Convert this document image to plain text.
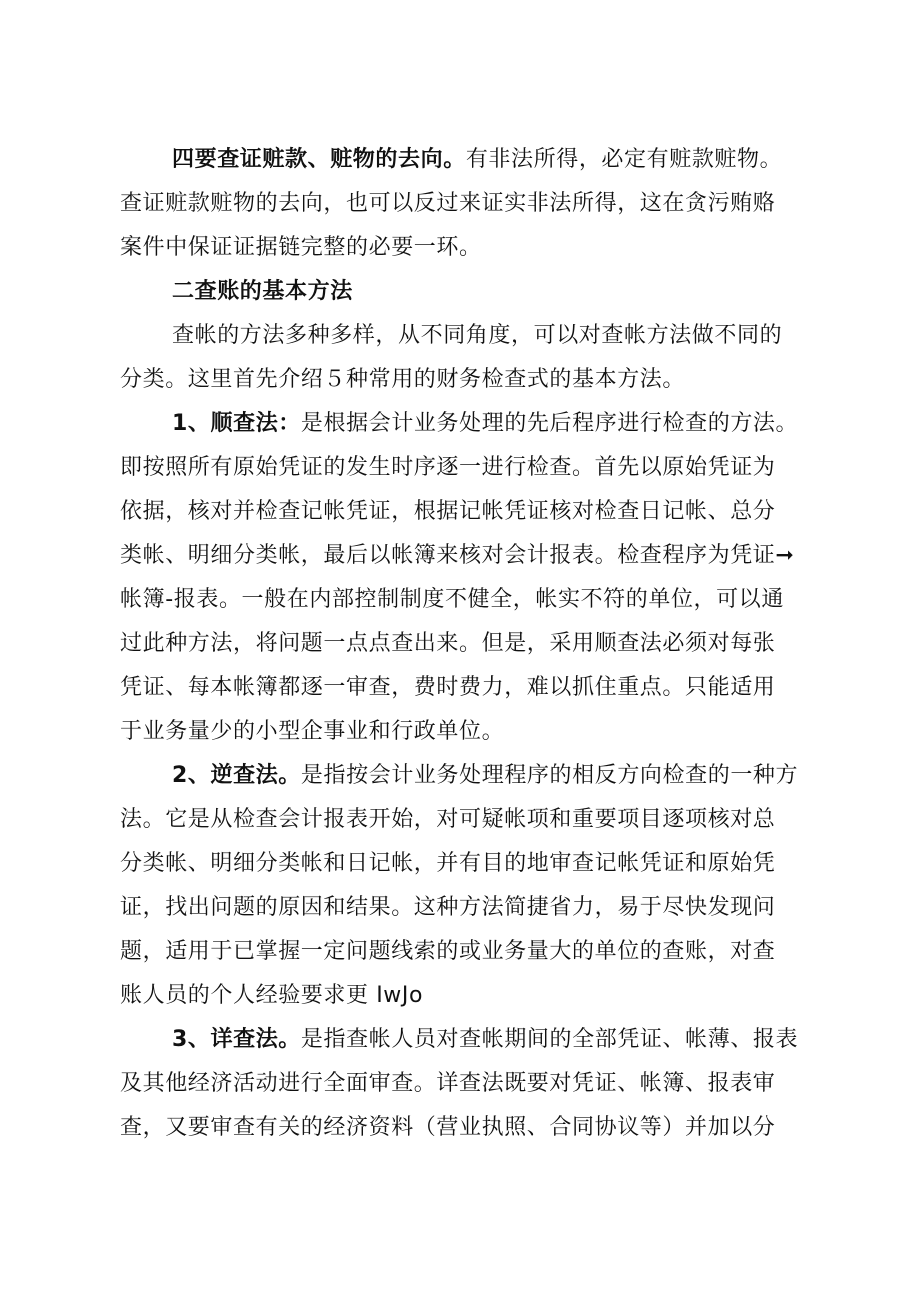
四要查证赃款、赃物的去向。有非法所得，必定有赃款赃物。
查证赃款赃物的去向，也可以反过来证实非法所得，这在贪污贿赂
案件中保证证据链完整的必要一环。
二查账的基本方法
查帐的方法多种多样，从不同角度，可以对查帐方法做不同的
分类。这里首先介绍５种常用的财务检查式的基本方法。
1、顺查法：是根据会计业务处理的先后程序进行检查的方法。
即按照所有原始凭证的发生时序逐一进行检查。首先以原始凭证为
依据，核对并检查记帐凭证，根据记帐凭证核对检查日记帐、总分
类帐、明细分类帐，最后以帐簿来核对会计报表。检查程序为凭证➞
帐簿-报表。一般在内部控制制度不健全，帐实不符的单位，可以通
过此种方法，将问题一点点查出来。但是，采用顺查法必须对每张
凭证、每本帐簿都逐一审查，费时费力，难以抓住重点。只能适用
于业务量少的小型企事业和行政单位。
2、逆查法。是指按会计业务处理程序的相反方向检查的一种方
法。它是从检查会计报表开始，对可疑帐项和重要项目逐项核对总
分类帐、明细分类帐和日记帐，并有目的地审查记帐凭证和原始凭
证，找出问题的原因和结果。这种方法简捷省力，易于尽快发现问
题，适用于已掌握一定问题线索的或业务量大的单位的查账，对查
账人员的个人经验要求更 IwJo
3、详查法。是指查帐人员对查帐期间的全部凭证、帐薄、报表
及其他经济活动进行全面审查。详查法既要对凭证、帐簿、报表审
查，又要审查有关的经济资料（营业执照、合同协议等）并加以分
